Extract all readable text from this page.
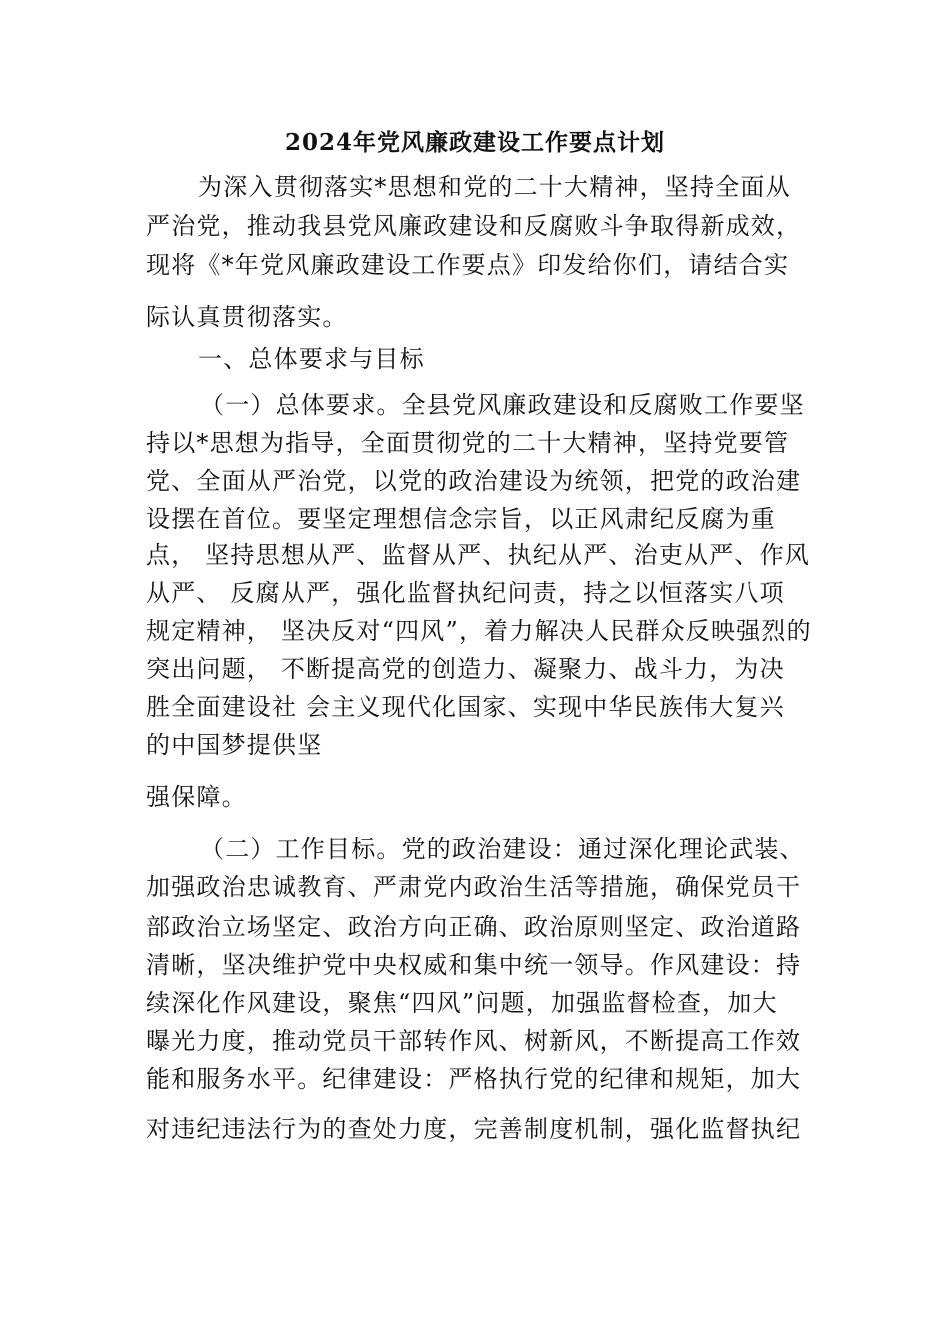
2024年党风廉政建设工作要点计划
为深入贯彻落实*思想和党的二十大精神，坚持全面从
严治党，推动我县党风廉政建设和反腐败斗争取得新成效，
现将《*年党风廉政建设工作要点》印发给你们，请结合实
际认真贯彻落实。
一、总体要求与目标
（一）总体要求。全县党风廉政建设和反腐败工作要坚
持以*思想为指导，全面贯彻党的二十大精神，坚持党要管
党、全面从严治党，以党的政治建设为统领，把党的政治建
设摆在首位。要坚定理想信念宗旨，以正风肃纪反腐为重
点， 坚持思想从严、监督从严、执纪从严、治吏从严、作风
从严、 反腐从严，强化监督执纪问责，持之以恒落实八项
规定精神， 坚决反对“四风”，着力解决人民群众反映强烈的
突出问题， 不断提高党的创造力、凝聚力、战斗力，为决
胜全面建设社 会主义现代化国家、实现中华民族伟大复兴
的中国梦提供坚
强保障。
（二）工作目标。党的政治建设：通过深化理论武装、
加强政治忠诚教育、严肃党内政治生活等措施，确保党员干
部政治立场坚定、政治方向正确、政治原则坚定、政治道路
清晰，坚决维护党中央权威和集中统一领导。作风建设：持
续深化作风建设，聚焦“四风”问题，加强监督检查，加大
曝光力度，推动党员干部转作风、树新风，不断提高工作效
能和服务水平。纪律建设：严格执行党的纪律和规矩，加大
对违纪违法行为的查处力度，完善制度机制，强化监督执纪
